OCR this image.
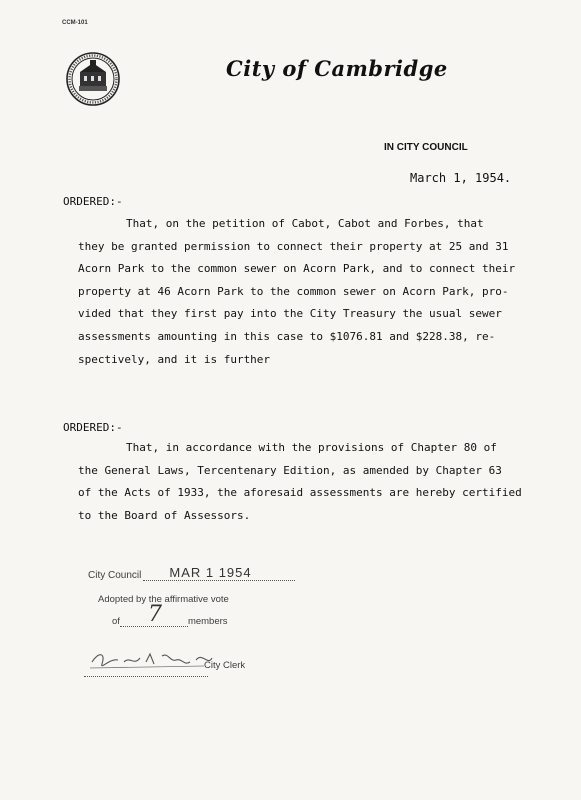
CCM-101
City of Cambridge
IN CITY COUNCIL
March 1, 1954.
ORDERED:-
That, on the petition of Cabot, Cabot and Forbes, that
they be granted permission to connect their property at 25 and 31
Acorn Park to the common sewer on Acorn Park, and to connect their
property at 46 Acorn Park to the common sewer on Acorn Park, pro-
vided that they first pay into the City Treasury the usual sewer
assessments amounting in this case to $1076.81 and $228.38, re-
spectively, and it is further
ORDERED:-
That, in accordance with the provisions of Chapter 80 of
the General Laws, Tercentenary Edition, as amended by Chapter 63
of the Acts of 1933, the aforesaid assessments are hereby certified
to the Board of Assessors.
City Council MAR 1 1954
Adopted by the affirmative vote
of 7	members
City Clerk
